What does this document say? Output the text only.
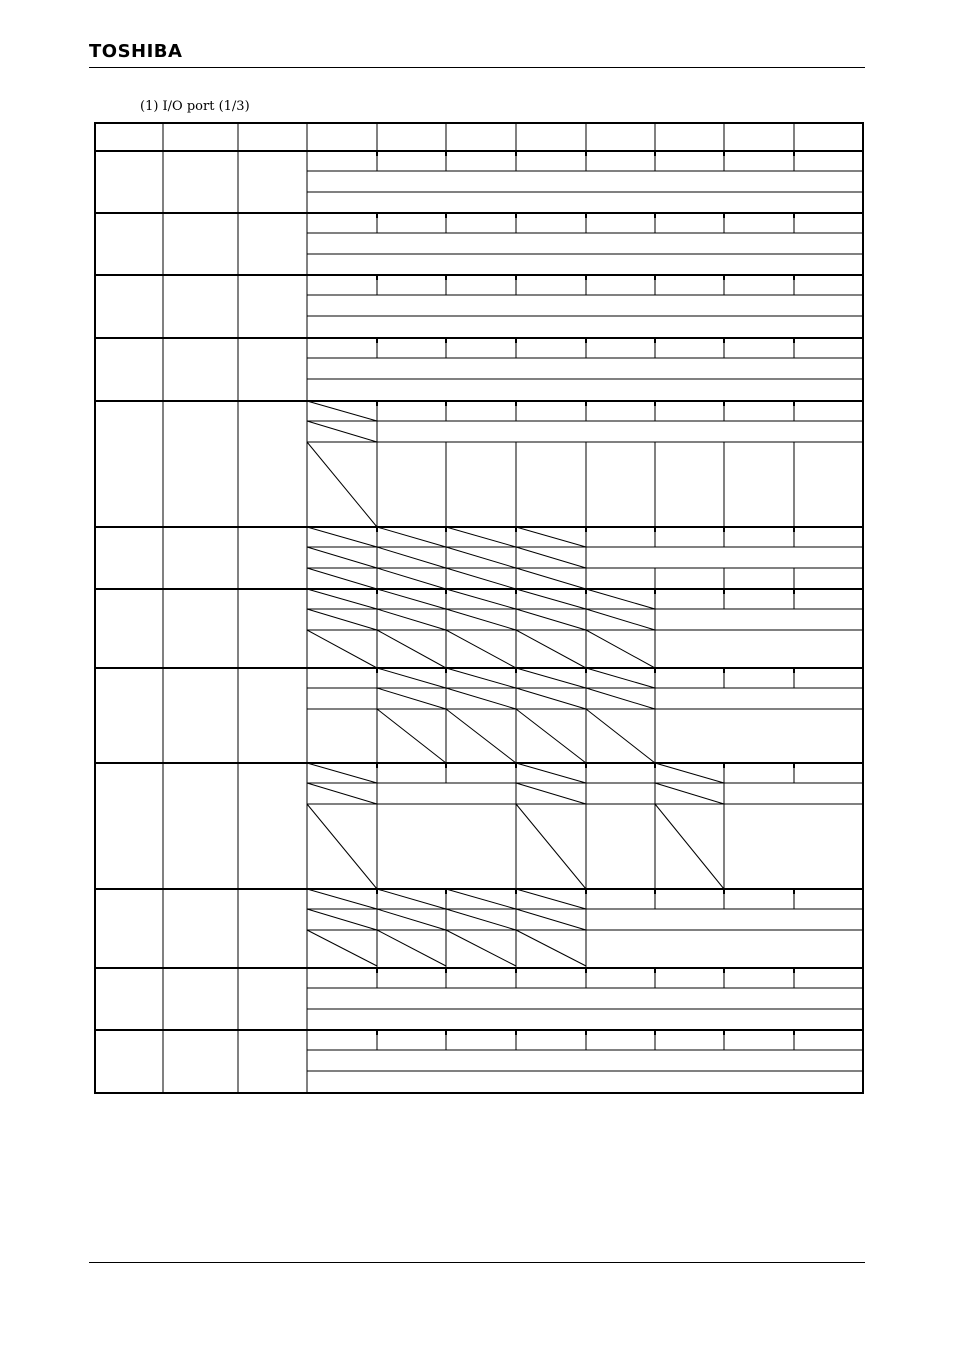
TOSHIBA
(1) I/O port (1/3)
